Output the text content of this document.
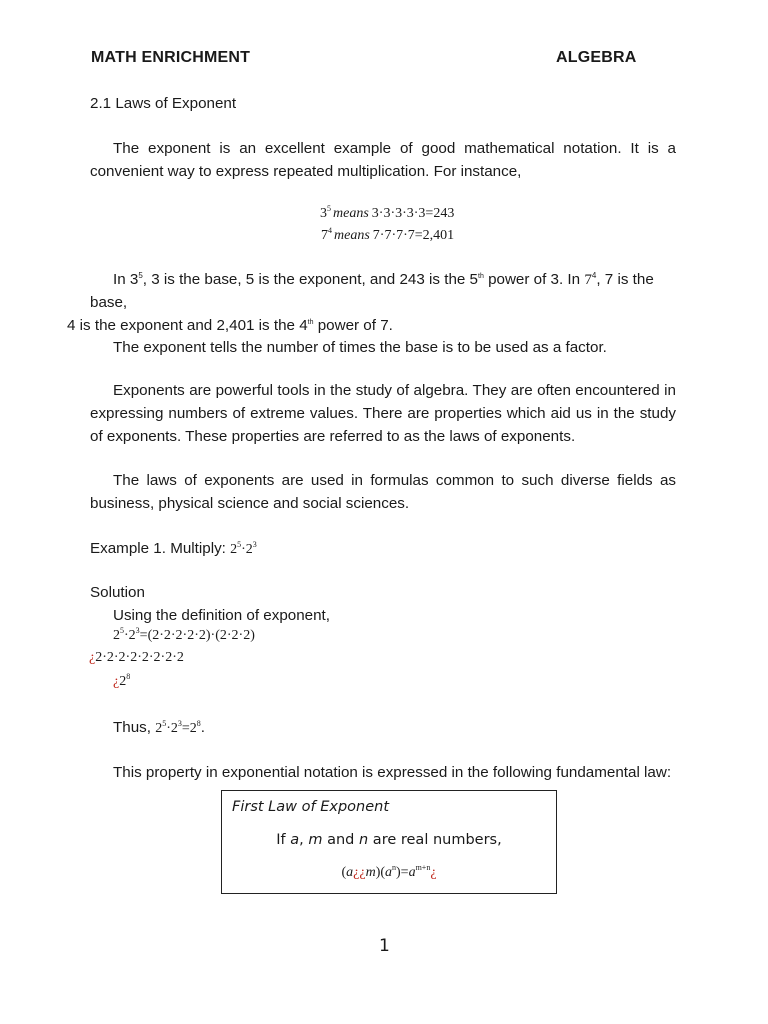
MATH ENRICHMENT	ALGEBRA
2.1 Laws of Exponent
The exponent is an excellent example of good mathematical notation. It is a convenient way to express repeated multiplication. For instance,
$3^5$ means 3·3·3·3·3=243
$7^4$ means 7·7·7·7=2,401
In $3^5$, 3 is the base, 5 is the exponent, and 243 is the 5th power of 3. In $7^4$, 7 is the base,
4 is the exponent and 2,401 is the 4th power of 7.
The exponent tells the number of times the base is to be used as a factor.
Exponents are powerful tools in the study of algebra. They are often encountered in expressing numbers of extreme values. There are properties which aid us in the study of exponents. These properties are referred to as the laws of exponents.
The laws of exponents are used in formulas common to such diverse fields as business, physical science and social sciences.
Example 1. Multiply: $2^5\cdot 2^3$
Solution
Using the definition of exponent,
$2^5\cdot 2^3=(2\cdot 2\cdot 2\cdot 2\cdot 2)\cdot(2\cdot 2\cdot 2)$
¿2·2·2·2·2·2·2·2
¿$2^8$
Thus, $2^5\cdot 2^3=2^8$.
This property in exponential notation is expressed in the following fundamental law:
First Law of Exponent
If a, m and n are real numbers,
$(a¿¿m)(a^n)=a^{m+n}¿$
1
